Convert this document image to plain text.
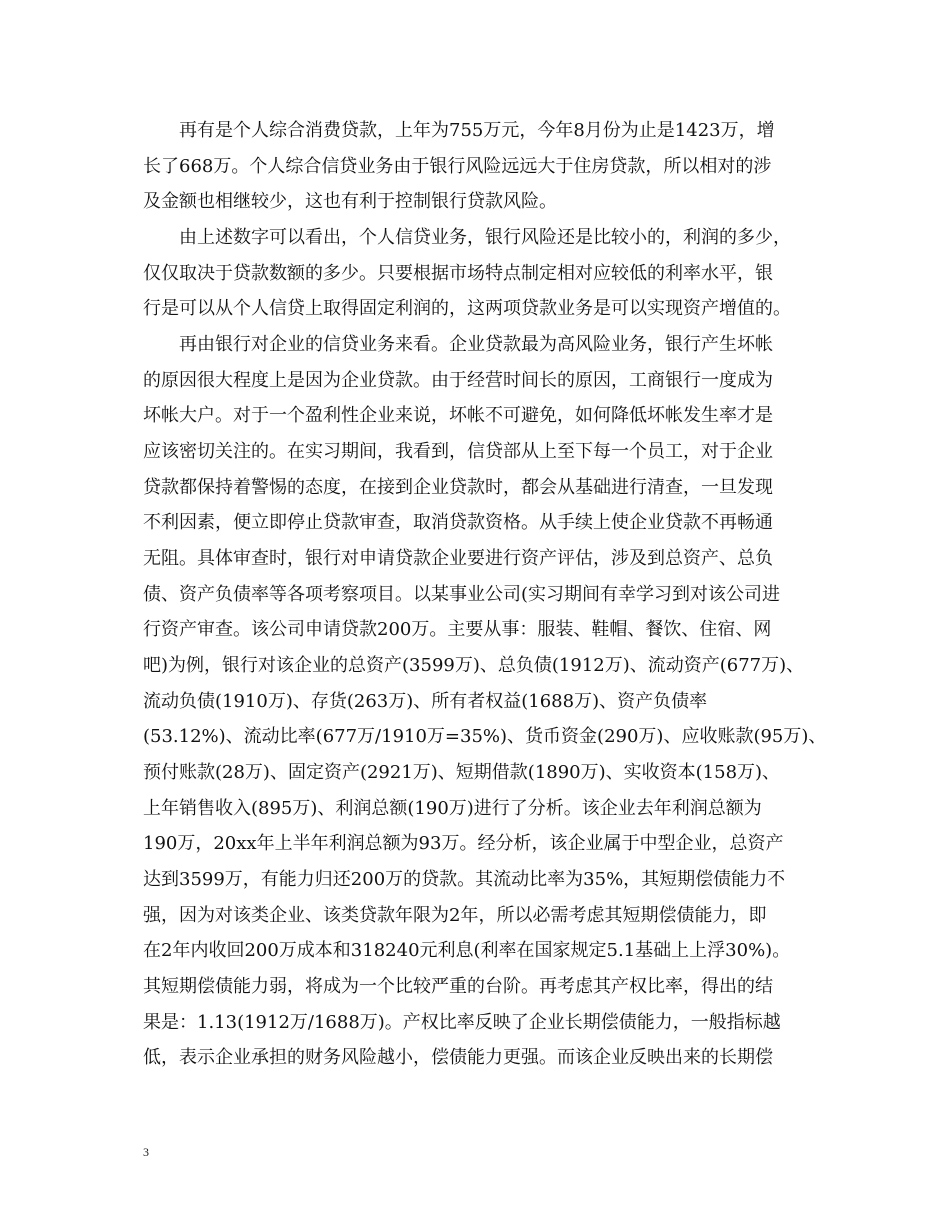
　　再有是个人综合消费贷款，上年为755万元，今年8月份为止是1423万，增
长了668万。个人综合信贷业务由于银行风险远远大于住房贷款，所以相对的涉
及金额也相继较少，这也有利于控制银行贷款风险。
　　由上述数字可以看出，个人信贷业务，银行风险还是比较小的，利润的多少，
仅仅取决于贷款数额的多少。只要根据市场特点制定相对应较低的利率水平，银
行是可以从个人信贷上取得固定利润的，这两项贷款业务是可以实现资产增值的。
　　再由银行对企业的信贷业务来看。企业贷款最为高风险业务，银行产生坏帐
的原因很大程度上是因为企业贷款。由于经营时间长的原因，工商银行一度成为
坏帐大户。对于一个盈利性企业来说，坏帐不可避免，如何降低坏帐发生率才是
应该密切关注的。在实习期间，我看到，信贷部从上至下每一个员工，对于企业
贷款都保持着警惕的态度，在接到企业贷款时，都会从基础进行清查，一旦发现
不利因素，便立即停止贷款审查，取消贷款资格。从手续上使企业贷款不再畅通
无阻。具体审查时，银行对申请贷款企业要进行资产评估，涉及到总资产、总负
债、资产负债率等各项考察项目。以某事业公司(实习期间有幸学习到对该公司进
行资产审查。该公司申请贷款200万。主要从事：服装、鞋帽、餐饮、住宿、网
吧)为例，银行对该企业的总资产(3599万)、总负债(1912万)、流动资产(677万)、
流动负债(1910万)、存货(263万)、所有者权益(1688万)、资产负债率
(53.12%)、流动比率(677万/1910万=35%)、货币资金(290万)、应收账款(95万)、
预付账款(28万)、固定资产(2921万)、短期借款(1890万)、实收资本(158万)、
上年销售收入(895万)、利润总额(190万)进行了分析。该企业去年利润总额为
190万，20xx年上半年利润总额为93万。经分析，该企业属于中型企业，总资产
达到3599万，有能力归还200万的贷款。其流动比率为35%，其短期偿债能力不
强，因为对该类企业、该类贷款年限为2年，所以必需考虑其短期偿债能力，即
在2年内收回200万成本和318240元利息(利率在国家规定5.1基础上上浮30%)。
其短期偿债能力弱，将成为一个比较严重的台阶。再考虑其产权比率，得出的结
果是：1.13(1912万/1688万)。产权比率反映了企业长期偿债能力，一般指标越
低，表示企业承担的财务风险越小，偿债能力更强。而该企业反映出来的长期偿
3
